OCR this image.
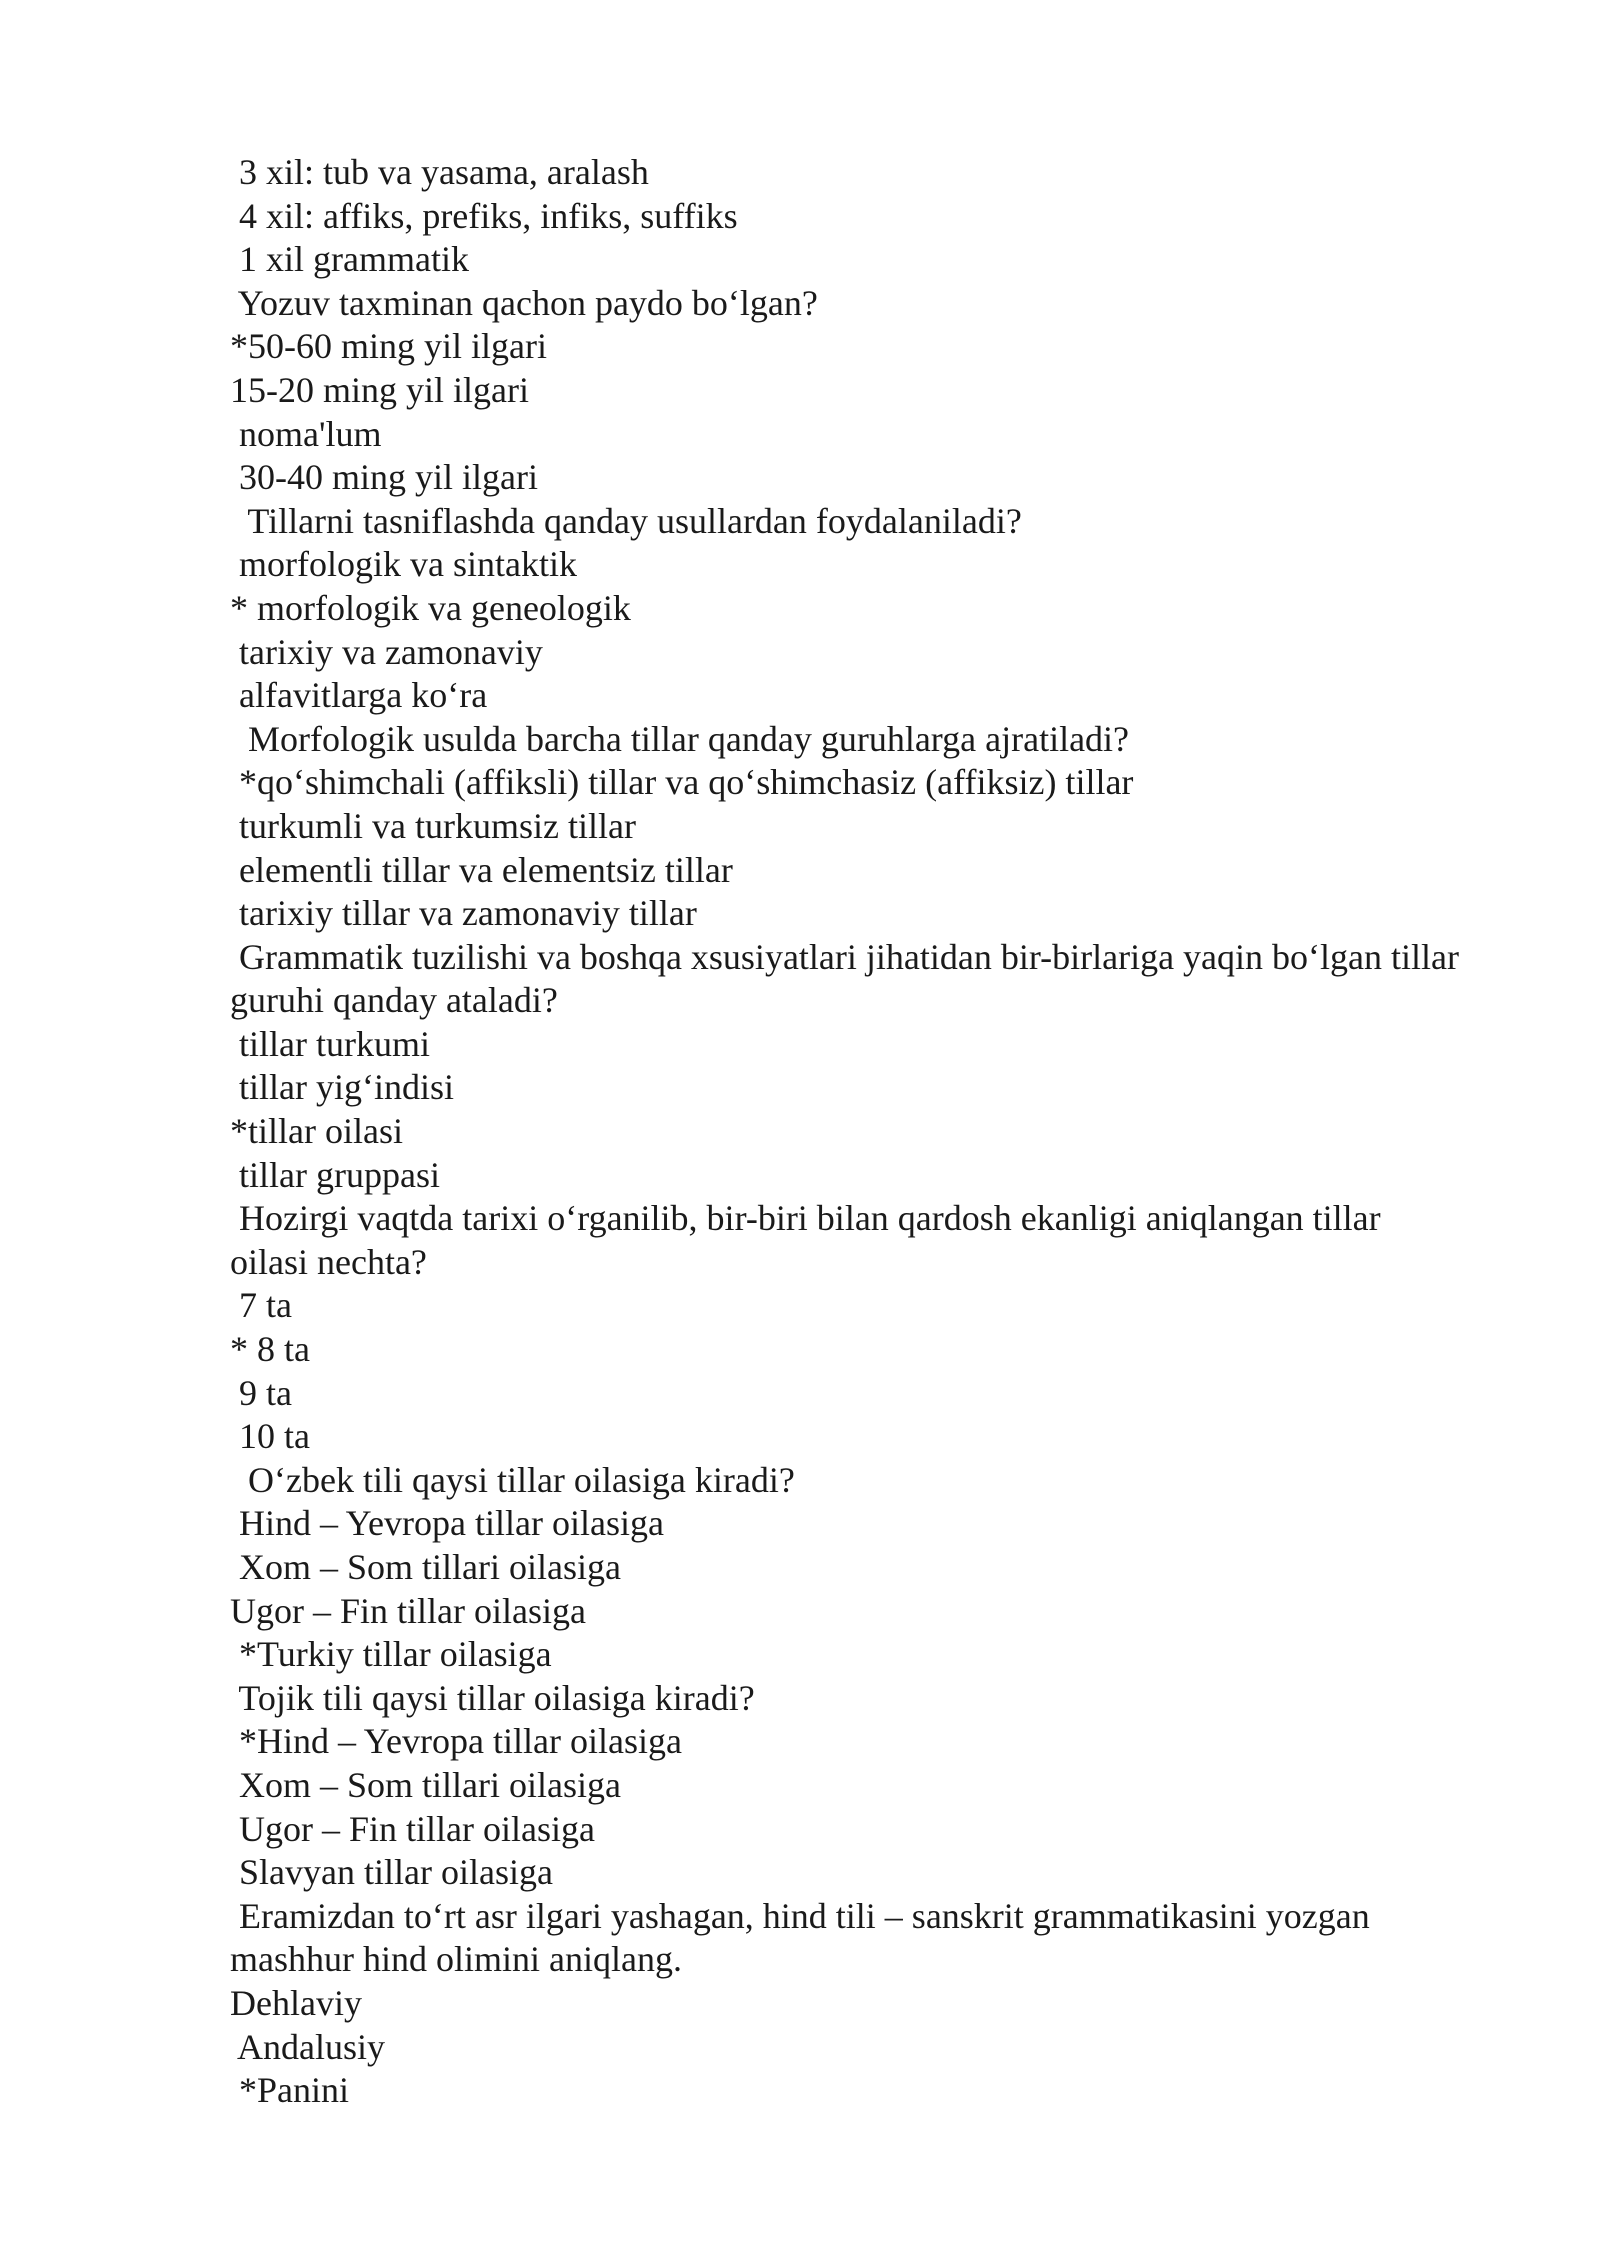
3 xil: tub va yasama, aralash
4 xil: affiks, prefiks, infiks, suffiks
1 xil grammatik
Yozuv taxminan qachon paydo bo‘lgan?
*50-60 ming yil ilgari
15-20 ming yil ilgari
noma'lum
30-40 ming yil ilgari
Tillarni tasniflashda qanday usullardan foydalaniladi?
morfologik va sintaktik
* morfologik va geneologik
tarixiy va zamonaviy
alfavitlarga ko‘ra
Morfologik usulda barcha tillar qanday guruhlarga ajratiladi?
*qo‘shimchali (affiksli) tillar va qo‘shimchasiz (affiksiz) tillar
turkumli va turkumsiz tillar
elementli tillar va elementsiz tillar
tarixiy tillar va zamonaviy tillar
Grammatik tuzilishi va boshqa xsusiyatlari jihatidan bir-birlariga yaqin bo‘lgan tillar guruhi qanday ataladi?
tillar turkumi
tillar yig‘indisi
*tillar oilasi
tillar gruppasi
Hozirgi vaqtda tarixi o‘rganilib, bir-biri bilan qardosh ekanligi aniqlangan tillar oilasi nechta?
7 ta
* 8 ta
9 ta
10 ta
O‘zbek tili qaysi tillar oilasiga kiradi?
Hind – Yevropa tillar oilasiga
Xom – Som tillari oilasiga
Ugor – Fin tillar oilasiga
*Turkiy tillar oilasiga
Tojik tili qaysi tillar oilasiga kiradi?
*Hind – Yevropa tillar oilasiga
Xom – Som tillari oilasiga
Ugor – Fin tillar oilasiga
Slavyan tillar oilasiga
Eramizdan to‘rt asr ilgari yashagan, hind tili – sanskrit grammatikasini yozgan mashhur hind olimini aniqlang.
Dehlaviy
Andalusiy
*Panini
